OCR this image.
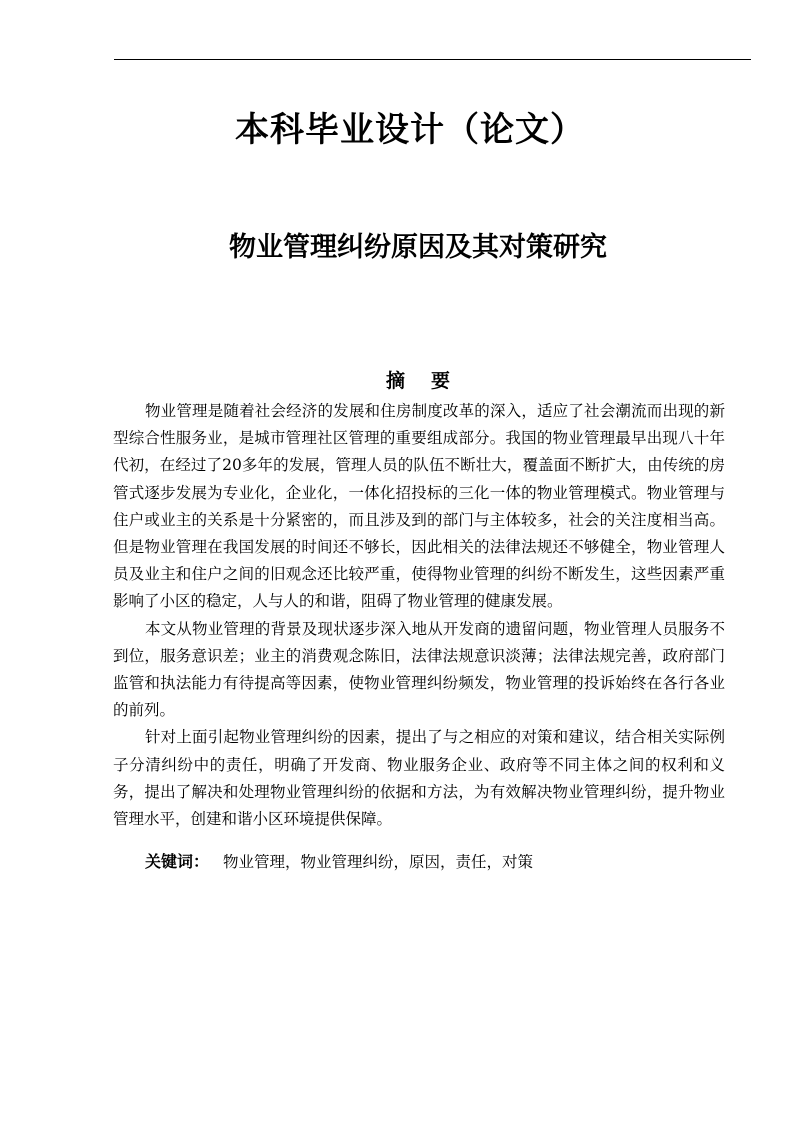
本科毕业设计（论文）
物业管理纠纷原因及其对策研究
摘要

物业管理是随着社会经济的发展和住房制度改革的深入，适应了社会潮流而出现的新型综合性服务业，是城市管理社区管理的重要组成部分。我国的物业管理最早出现八十年代初，在经过了20多年的发展，管理人员的队伍不断壮大，覆盖面不断扩大，由传统的房管式逐步发展为专业化，企业化，一体化招投标的三化一体的物业管理模式。物业管理与住户或业主的关系是十分紧密的，而且涉及到的部门与主体较多，社会的关注度相当高。但是物业管理在我国发展的时间还不够长，因此相关的法律法规还不够健全，物业管理人员及业主和住户之间的旧观念还比较严重，使得物业管理的纠纷不断发生，这些因素严重影响了小区的稳定，人与人的和谐，阻碍了物业管理的健康发展。

本文从物业管理的背景及现状逐步深入地从开发商的遗留问题，物业管理人员服务不到位，服务意识差；业主的消费观念陈旧，法律法规意识淡薄；法律法规完善，政府部门监管和执法能力有待提高等因素，使物业管理纠纷频发，物业管理的投诉始终在各行各业的前列。

针对上面引起物业管理纠纷的因素，提出了与之相应的对策和建议，结合相关实际例子分清纠纷中的责任，明确了开发商、物业服务企业、政府等不同主体之间的权利和义务，提出了解决和处理物业管理纠纷的依据和方法，为有效解决物业管理纠纷，提升物业管理水平，创建和谐小区环境提供保障。

关键词： 物业管理，物业管理纠纷，原因，责任，对策
